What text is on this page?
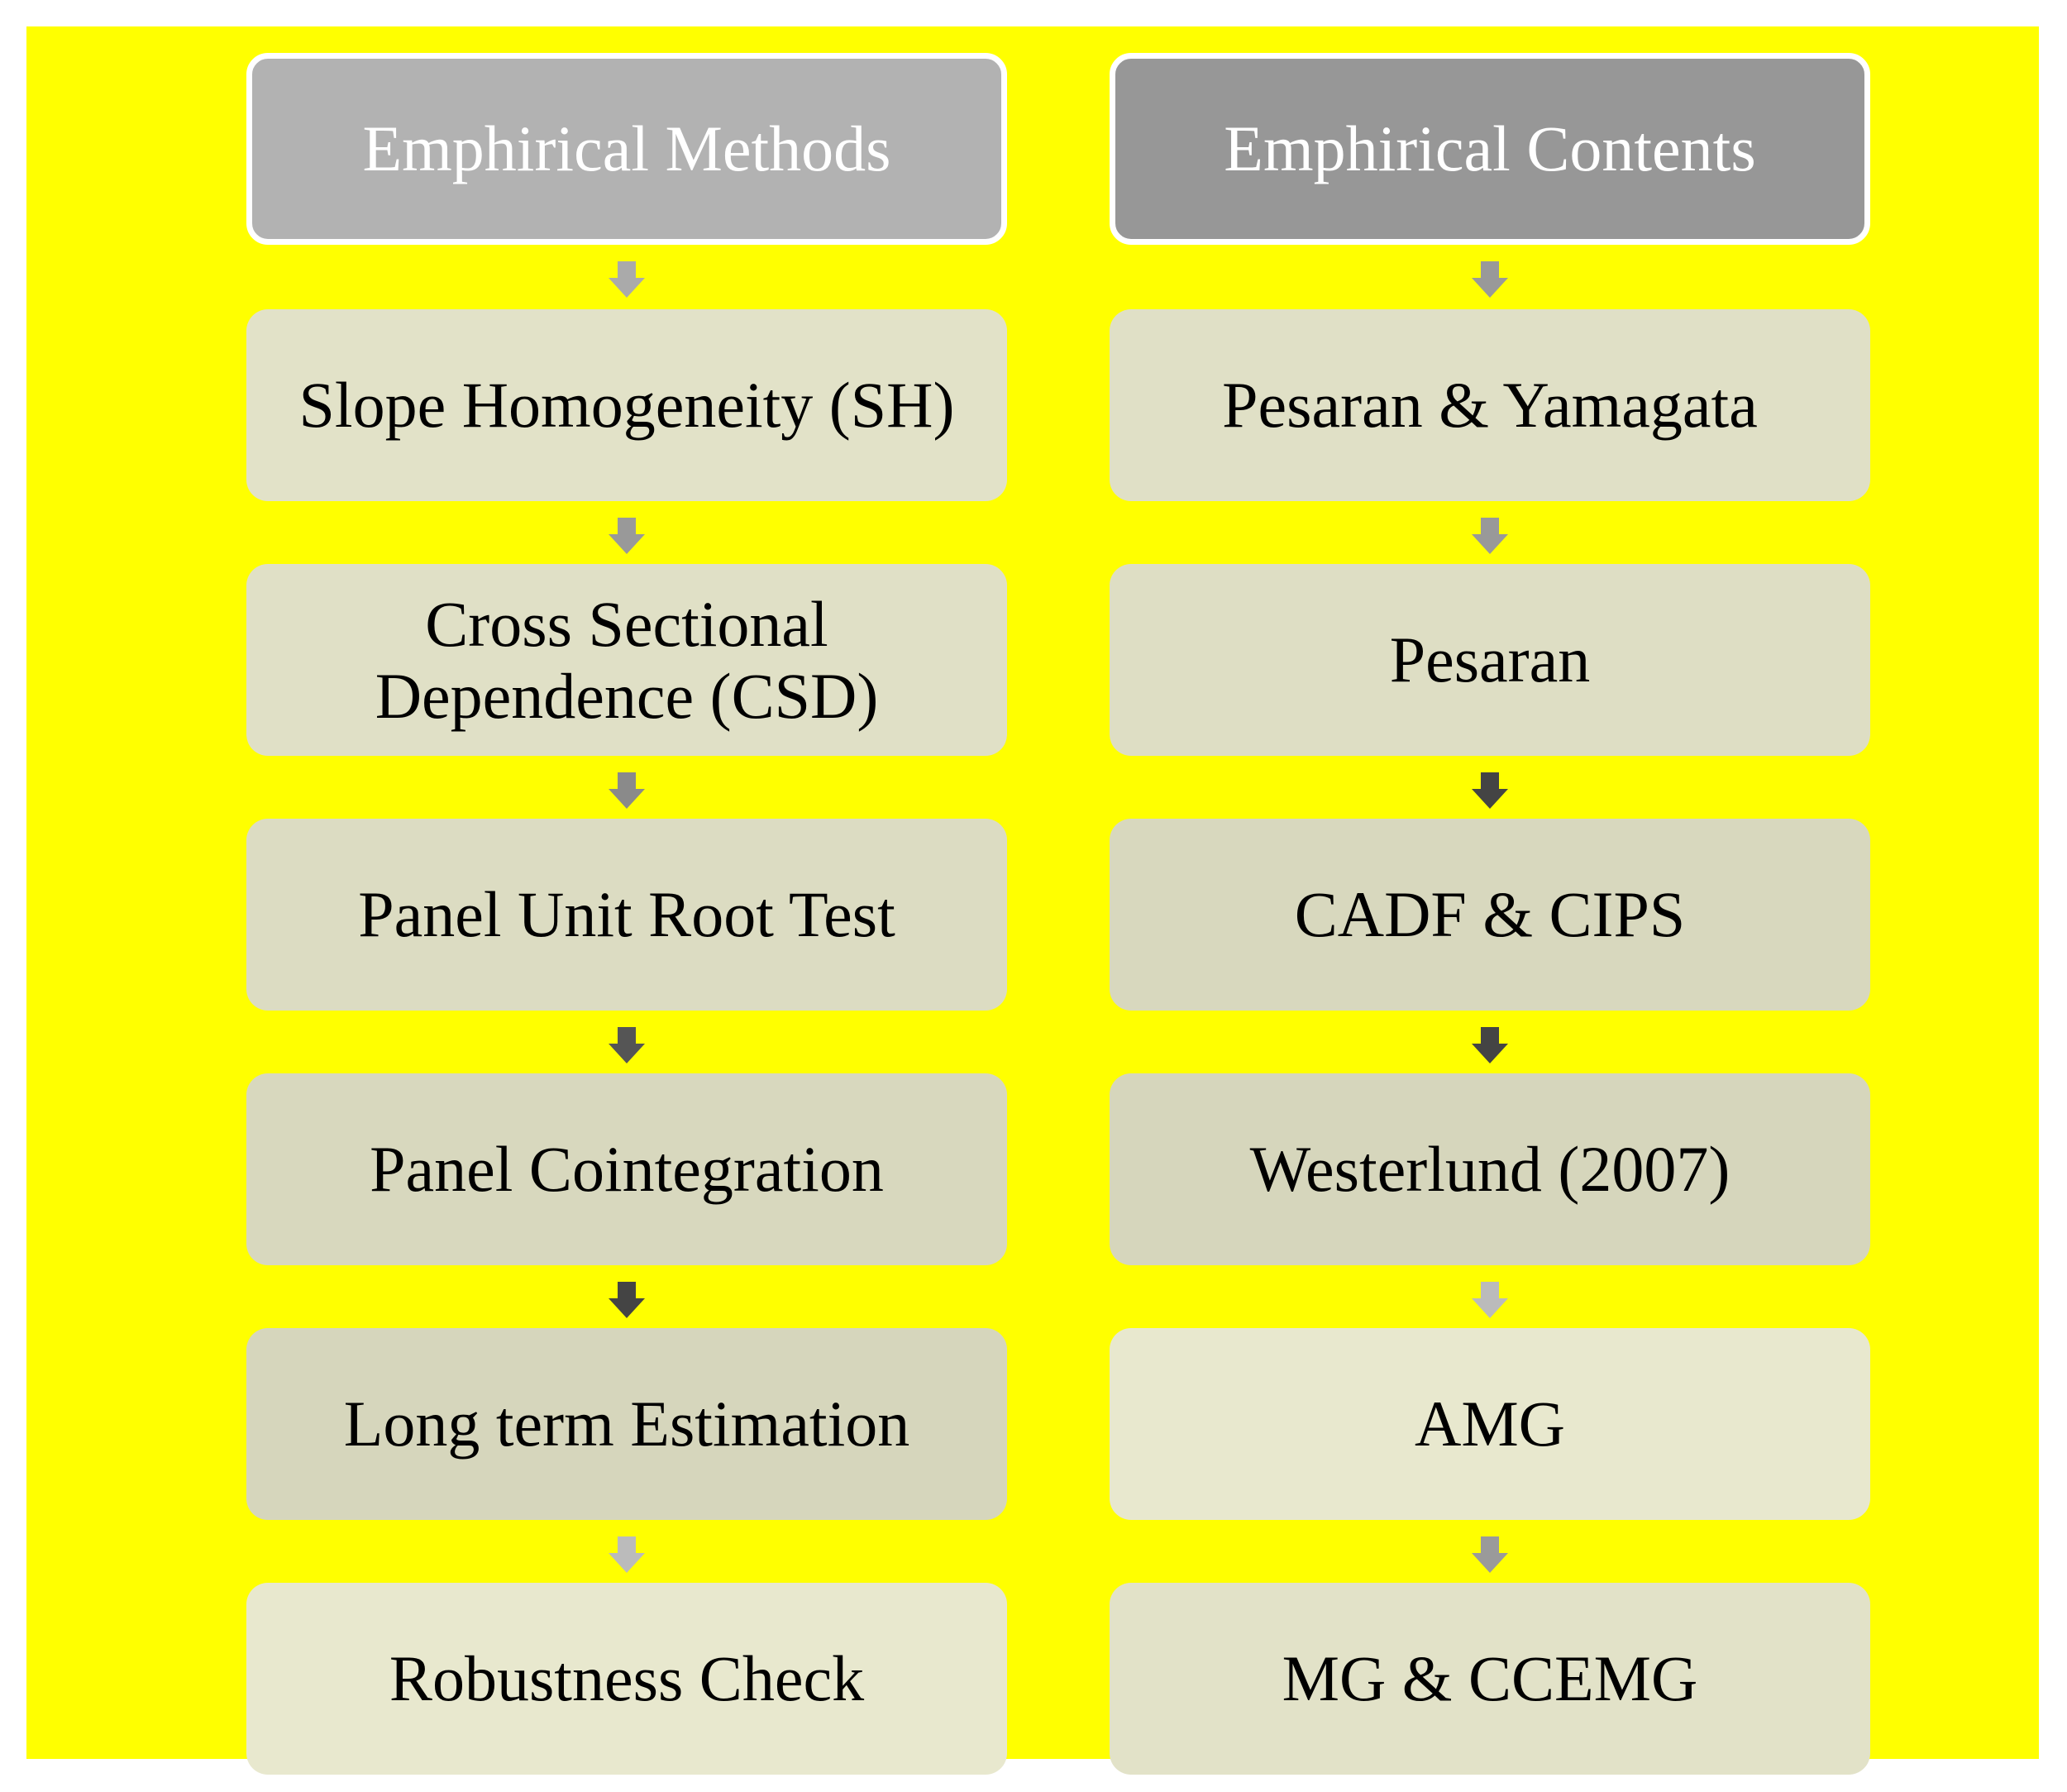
Emphirical Methods
Slope Homogeneity (SH)
Cross Sectional Dependence (CSD)
Panel Unit Root Test
Panel Cointegration
Long term Estimation
Robustness Check
Emphirical Contents
Pesaran & Yamagata
Pesaran
CADF & CIPS
Westerlund (2007)
AMG
MG & CCEMG
